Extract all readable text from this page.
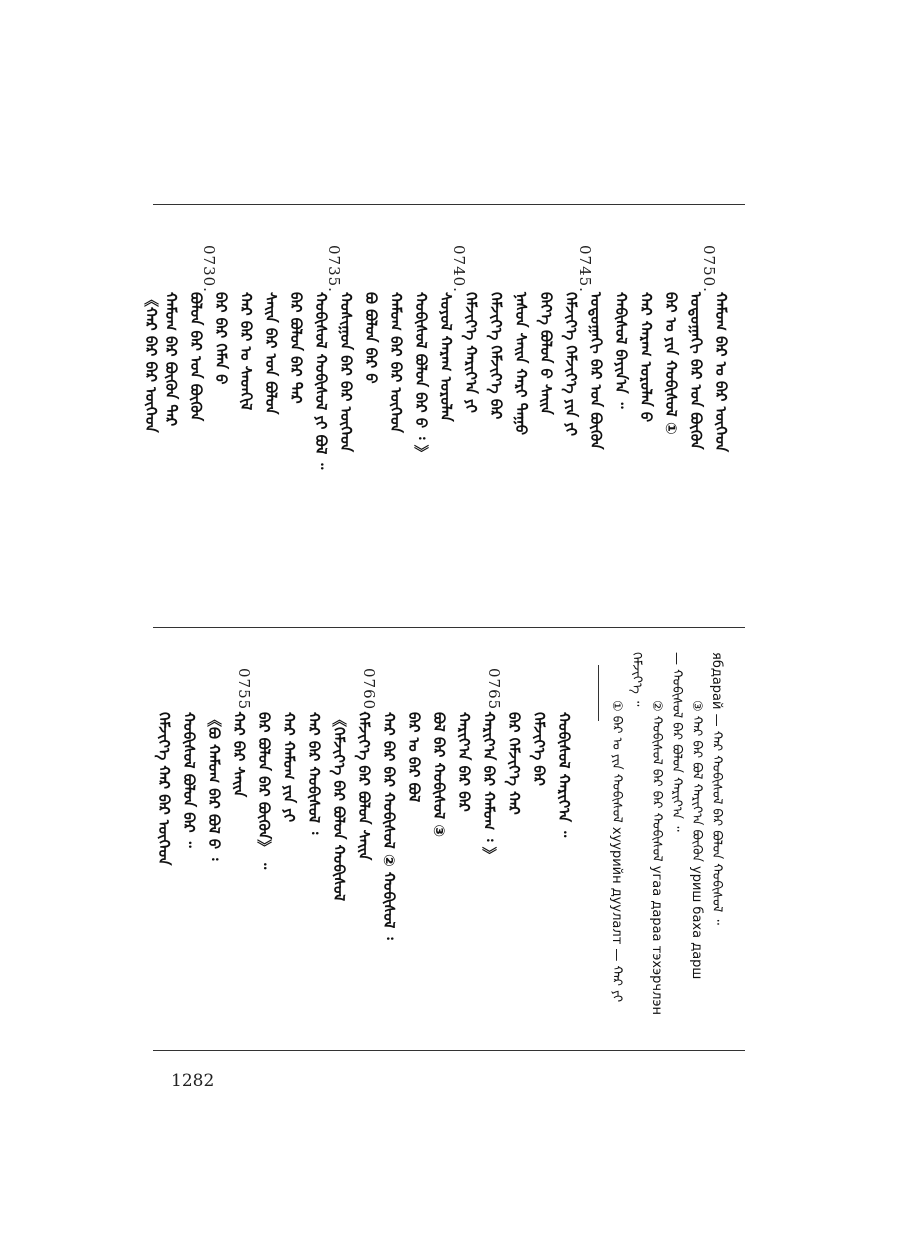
0750.
0745.
0740.
0735.
0730.
ᠬᠠᠮᠤᠭ ᠪᠠᠷ ᠤ ᠪᠡᠷ ᠦᠭᠡᠳ
ᠣᠳᠣᠭᠠᠬᠢ ᠪᠡᠷ ᠤᠨ ᠪᠦᠬᠦᠨ
ᠪᠠᠷ ᠤ ᠶᠢᠨ ᠬᠤᠪᠢᠰᠤᠯ ①
ᠬᠠᠷ ᠬᠠᠷᠠᠭ ᠣᠷᠣᠯᠠᠨ ᠪ
ᠬᠠᠪᠢᠰᠤᠯ ᠪᠠᠶᠢᠨ᠎ᠠ ᠃
ᠣᠳᠣᠭᠠᠬᠢ ᠪᠡᠷ ᠤᠨ ᠪᠦᠬᠦᠨ
ᠬᠡᠮᠵᠢᠶ᠎ᠡ ᠬᠡᠮᠵᠢᠶ᠎ᠡ ᠶᠢᠨ ᠶᠢ
ᠪᠡᠶ᠎ᠡ ᠪᠣᠯᠤᠨ ᠪ ᠰᠠᠢᠨ
ᠨᠠᠰᠤᠨ ᠰᠠᠢᠨ ᠬᠠᠷᠢ ᠳᠠᠭᠤ
ᠬᠡᠮᠵᠢᠶ᠎ᠡ ᠬᠡᠮᠵᠢᠶ᠎ᠡ ᠪᠡᠷ
ᠬᠡᠮᠵᠢᠶ᠎ᠡ ᠬᠠᠷᠢᠶ᠎ᠠ ᠶᠢ
ᠰᠣᠶᠣᠯ ᠬᠠᠷᠠᠭ ᠣᠷᠣᠯᠠᠨ
ᠬᠤᠪᠢᠰᠤᠯ ᠪᠣᠯᠤᠨ ᠪᠡᠷ ᠪ ᠄ 》
ᠬᠠᠮᠤᠭ ᠪᠠᠷ ᠪᠡᠷ ᠦᠭᠡᠳ
ᠪᠣ ᠪᠣᠯᠤᠨ ᠪᠡᠷ ᠪ
ᠬᠣᠰᠢᠭᠤᠨ ᠪᠠᠷ ᠪᠡᠷ ᠦᠭᠡᠳ
ᠬᠤᠪᠢᠰᠤᠯ ᠬᠤᠪᠢᠰᠤᠯ ᠶᠢ ᠪᠣᠯ ᠃
ᠪᠡᠷ ᠪᠣᠯᠤᠨ ᠪᠡᠷ ᠲᠡᠷ
ᠰᠠᠢᠨ ᠪᠡᠷ ᠤᠨ ᠪᠣᠯᠤᠨ
ᠬᠠᠷ ᠪᠠᠷ ᠤ ᠰᠡᠳᠬᠢᠯ
ᠪᠠᠷ ᠪᠠᠷ ᠬᠡᠮᠡᠨ ᠪ
ᠪᠣᠯᠤᠨ ᠪᠡᠷ ᠤᠨ ᠪᠦᠬᠦᠨ
ᠬᠠᠮᠤᠭ ᠪᠡᠷ ᠪᠦᠬᠦᠨ ᠲᠡᠷ
《ᠬᠠᠷ ᠪᠠᠷ ᠪᠡᠷ ᠦᠭᠡᠳ
① ᠪᠠᠷ ᠤ ᠶᠢᠨ ᠬᠤᠪᠢᠰᠤᠯ хуурийн дуулалт — ᠬᠠᠷ ᠶᠢ
ᠬᠡᠮᠵᠢᠶ᠎ᠡ ᠃
② ᠬᠤᠪᠢᠰᠤᠯ ᠪᠡᠷ ᠪᠠᠷ ᠬᠤᠪᠢᠰᠤᠯ угаа дараа тэхэрчлэн — ᠬᠤᠪᠢᠰᠤᠯ ᠪᠡᠷ ᠪᠣᠯᠤᠨ ᠬᠠᠷᠢᠶ᠎ᠠ ᠃ ③ ᠬᠠᠷ ᠪᠡᠷ ᠪᠣᠯ ᠬᠠᠷᠢᠶ᠎ᠠ ᠪᠦᠬᠦᠨ уриш баха дарш ябдарай — ᠬᠠᠷ ᠬᠤᠪᠢᠰᠤᠯ ᠪᠡᠷ ᠪᠣᠯᠤᠨ ᠬᠤᠪᠢᠰᠤᠯ ᠃
0755.	0760.	0765.
ᠬᠡᠮᠵᠢᠶ᠎ᠡ ᠬᠠᠷ ᠪᠡᠷ ᠦᠭᠡᠳ ᠬᠤᠪᠢᠰᠤᠯ ᠪᠣᠯᠤᠨ ᠪᠡᠷ ᠃ 《ᠪᠣ ᠬᠠᠮᠤᠭ ᠪᠡᠷ ᠪᠣᠯ ᠪ ᠄ ᠬᠠᠷ ᠪᠠᠷ ᠰᠠᠢᠨ ᠪᠠᠷ ᠪᠣᠯᠤᠨ ᠪᠡᠷ ᠪᠦᠬᠦᠨ》 ᠃ ᠬᠠᠷ ᠬᠠᠮᠤᠭ ᠶᠢᠨ ᠶᠢ ᠬᠠᠷ ᠪᠠᠷ ᠬᠤᠪᠢᠰᠤᠯ ᠄ 《ᠬᠡᠮᠵᠢᠶ᠎ᠡ ᠪᠠᠷ ᠪᠣᠯᠤᠨ ᠬᠤᠪᠢᠰᠤᠯ ᠬᠡᠮᠵᠢᠶ᠎ᠡ ᠪᠡᠷ ᠪᠣᠯᠤᠨ ᠰᠠᠢᠨ ᠬᠠᠷ ᠪᠠᠷ ᠪᠡᠷ ᠬᠤᠪᠢᠰᠤᠯ ② ᠬᠤᠪᠢᠰᠤᠯ ᠄ ᠪᠡᠷ ᠤ ᠪᠡᠷ ᠪᠣᠯ ᠪᠣᠯ ᠪᠡᠷ ᠬᠤᠪᠢᠰᠤᠯ ③ ᠬᠠᠷᠢᠶ᠎ᠠ ᠪᠠᠷ ᠪᠡᠷ ᠬᠠᠷᠢᠶ᠎ᠠ ᠪᠡᠷ ᠬᠠᠮᠤᠭ ᠄ 》 ᠪᠠᠷ ᠬᠡᠮᠵᠢᠶ᠎ᠡ ᠬᠠᠷ ᠬᠡᠮᠵᠢᠶ᠎ᠡ ᠪᠡᠷ ᠬᠤᠪᠢᠰᠤᠯ ᠬᠠᠷᠢᠶ᠎ᠠ ᠃
1282
